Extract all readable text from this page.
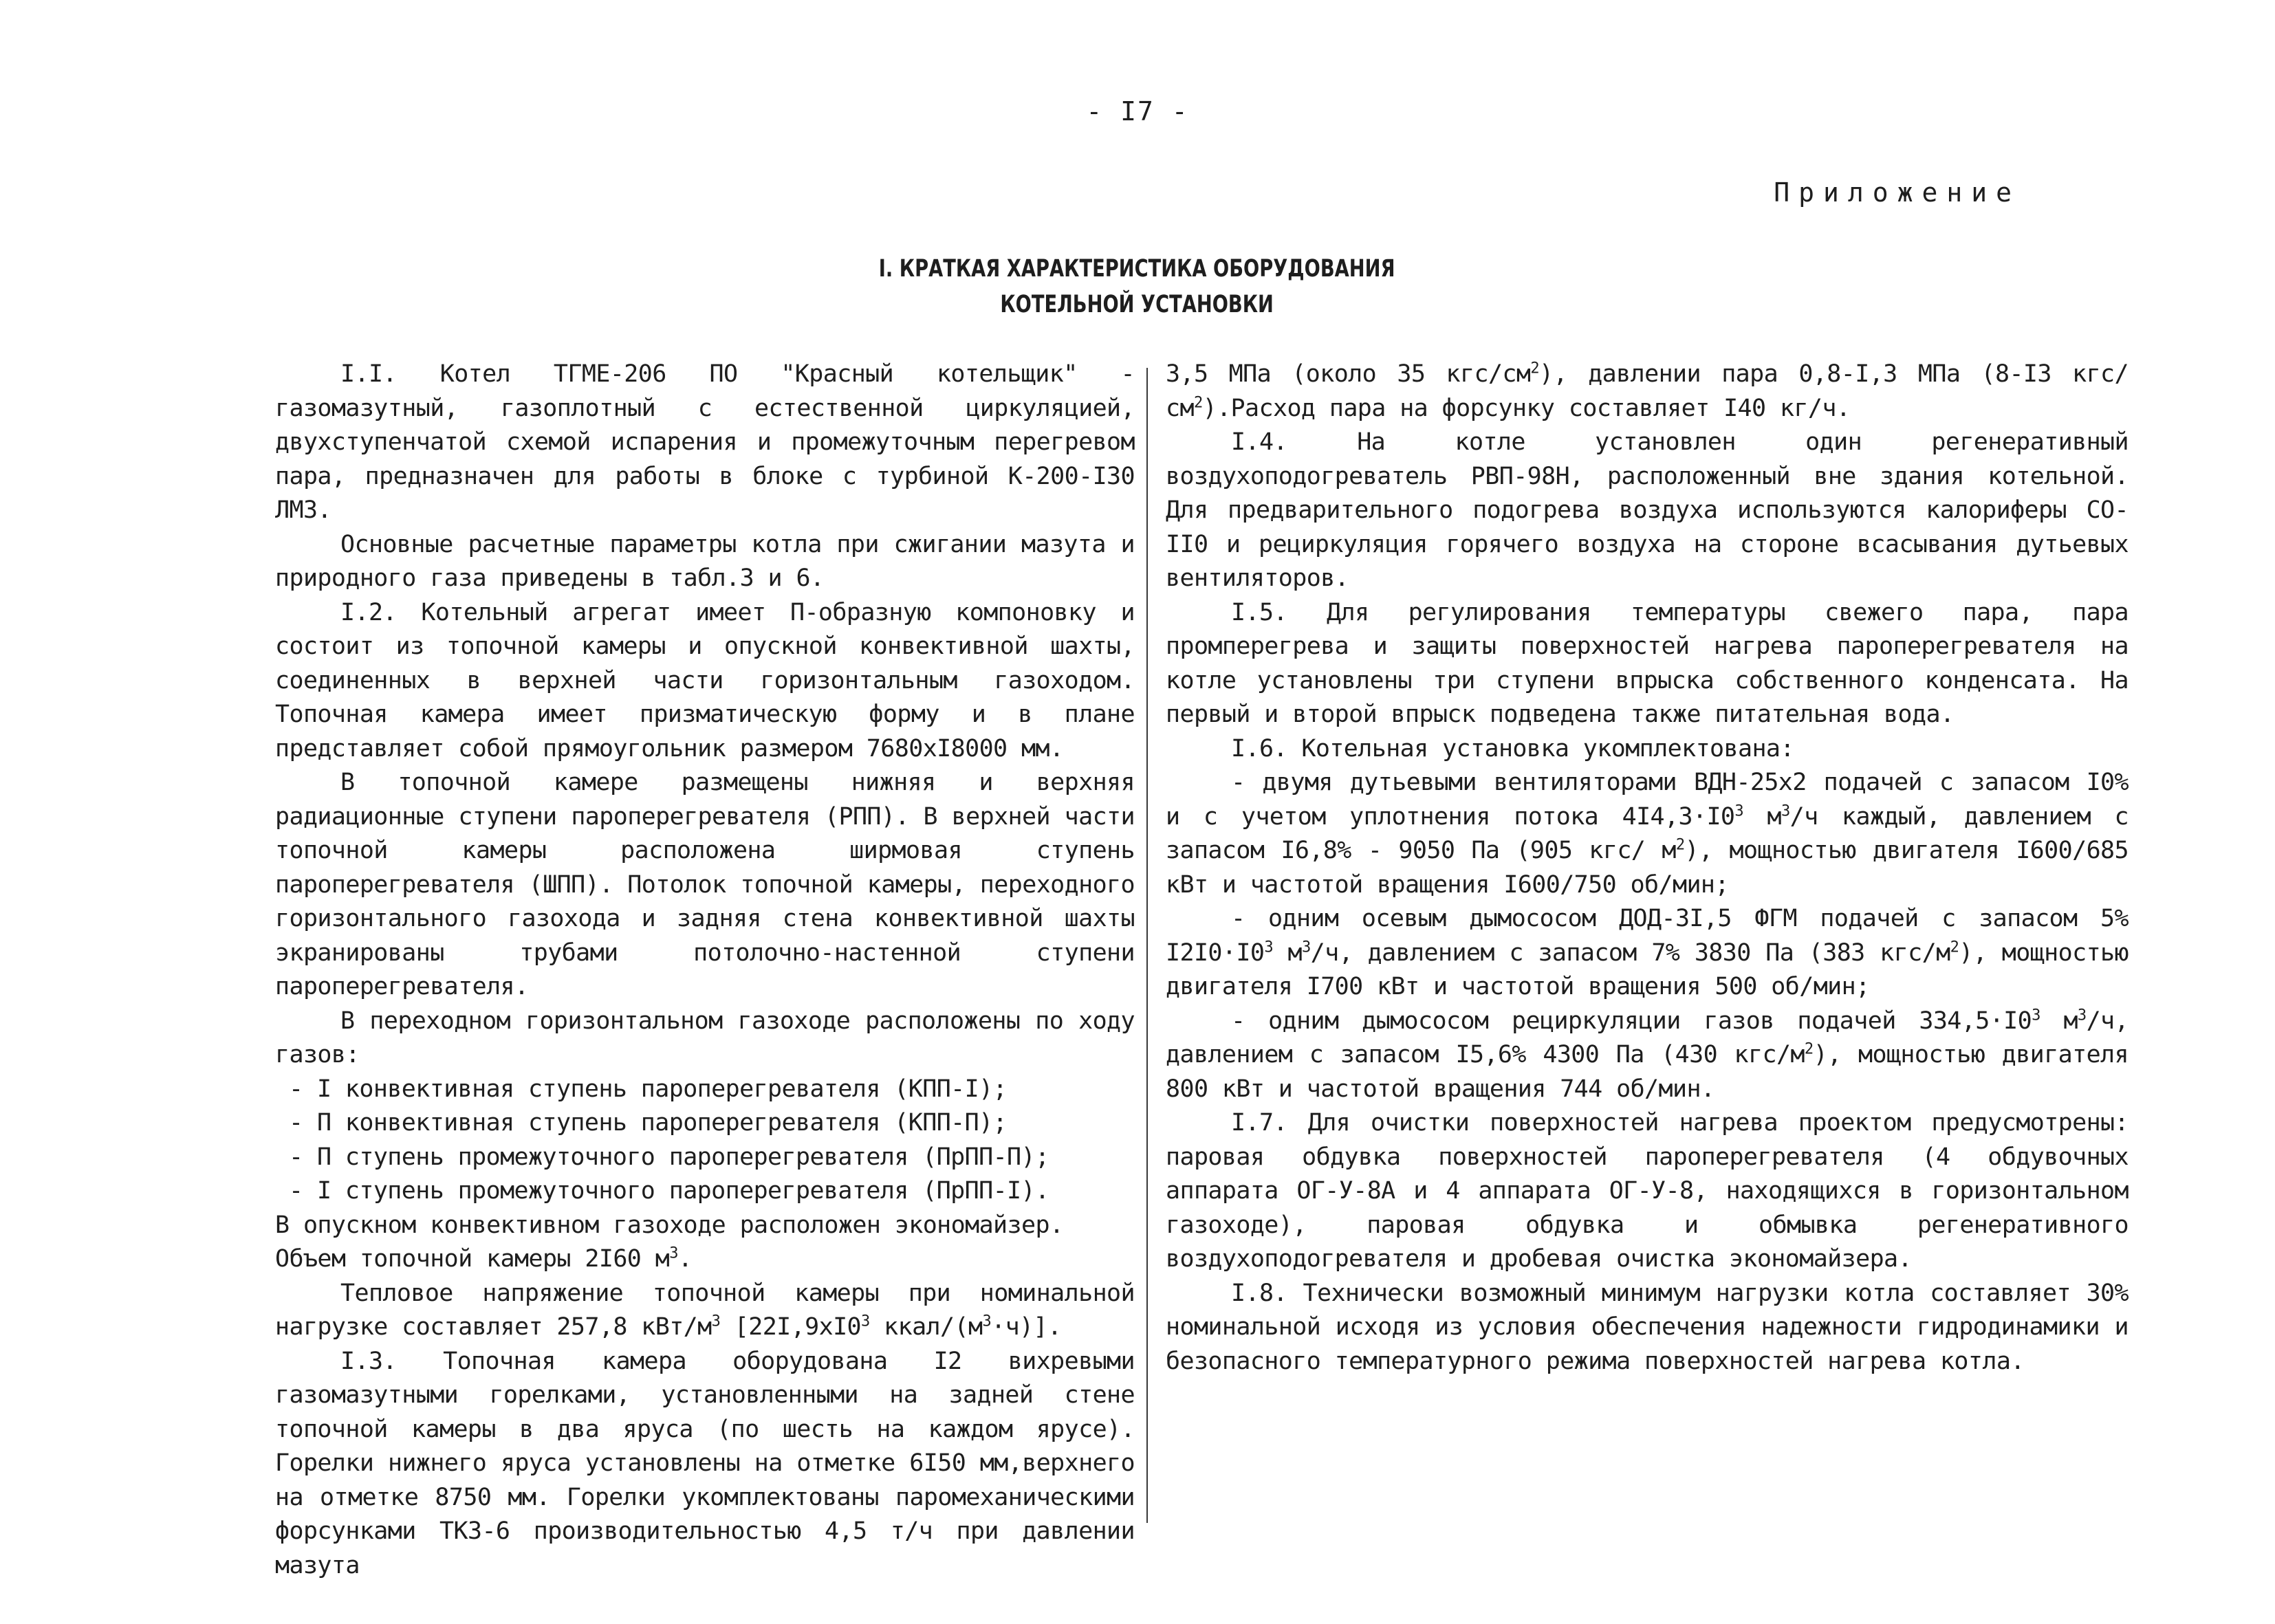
- I7 -
Приложение
I. КРАТКАЯ ХАРАКТЕРИСТИКА ОБОРУДОВАНИЯ
КОТЕЛЬНОЙ УСТАНОВКИ

I.I. Котел ТГМЕ-206 ПО "Красный котельщик" - газомазутный, газоплотный с естественной циркуляцией, двухступенчатой схемой испарения и промежуточным перегревом пара, предназначен для работы в блоке с турбиной К-200-I30 ЛМЗ.

Основные расчетные параметры котла при сжигании мазута и природного газа приведены в табл.3 и 6.

I.2. Котельный агрегат имеет П-образную компоновку и состоит из топочной камеры и опускной конвективной шахты, соединенных в верхней части горизонтальным газоходом. Топочная камера имеет призматическую форму и в плане представляет собой прямоугольник размером 7680хI8000 мм.

В топочной камере размещены нижняя и верхняя радиационные ступени пароперегревателя (РПП). В верхней части топочной камеры расположена ширмовая ступень пароперегревателя (ШПП). Потолок топочной камеры, переходного горизонтального газохода и задняя стена конвективной шахты экранированы трубами потолочно-настенной ступени пароперегревателя.

В переходном горизонтальном газоходе расположены по ходу газов:

- I конвективная ступень пароперегревателя (КПП-I);

- П конвективная ступень пароперегревателя (КПП-П);

- П ступень промежуточного пароперегревателя (ПрПП-П);

- I ступень промежуточного пароперегревателя (ПрПП-I).

В опускном конвективном газоходе расположен экономайзер.

Объем топочной камеры 2I60 $м^3$.

Тепловое напряжение топочной камеры при номинальной нагрузке составляет 257,8 кВт/$м^3$ [$22I,9хI0^3$ ккал/$(м^3\cdot ч)$].

I.3. Топочная камера оборудована I2 вихревыми газомазутными горелками, установленными на задней стене топочной камеры в два яруса (по шесть на каждом ярусе). Горелки нижнего яруса установлены на отметке 6I50 мм,верхнего на отметке 8750 мм. Горелки укомплектованы паромеханическими форсунками ТКЗ-6 производительностью 4,5 т/ч при давлении мазута

3,5 МПа (около 35 кгс/$см^2$), давлении пара 0,8-I,3 МПа (8-I3 кгс/$см^2).Расход$ пара на форсунку составляет I40 кг/ч.

I.4. На котле установлен один регенеративный воздухоподогреватель РВП-98Н, расположенный вне здания котельной. Для предварительного подогрева воздуха используются калориферы СО-II0 и рециркуляция горячего воздуха на стороне всасывания дутьевых вентиляторов.

I.5. Для регулирования температуры свежего пара, пара промперегрева и защиты поверхностей нагрева пароперегревателя на котле установлены три ступени впрыска собственного конденсата. На первый и второй впрыск подведена также питательная вода.

I.6. Котельная установка укомплектована:

- двумя дутьевыми вентиляторами ВДН-25х2 подачей с запасом I0% и с учетом уплотнения потока $4I4,3\cdot I0^3$ $м^3/ч$ каждый, давлением с запасом I6,8% - 9050 Па (905 кгс/ $м^2$), мощностью двигателя I600/685 кВт и частотой вращения I600/750 об/мин;

- одним осевым дымососом ДОД-3I,5 ФГМ подачей с запасом 5% $I2I0\cdot I0^3$ $м^3/ч$, давлением с запасом 7% 3830 Па (383 кгс/$м^2$), мощностью двигателя I700 кВт и частотой вращения 500 об/мин;

- одним дымососом рециркуляции газов подачей $334,5\cdot I0^3$ $м^3/ч$, давлением с запасом I5,6% 4300 Па (430 кгс/$м^2$), мощностью двигателя 800 кВт и частотой вращения 744 об/мин.

I.7. Для очистки поверхностей нагрева проектом предусмотрены: паровая обдувка поверхностей пароперегревателя (4 обдувочных аппарата ОГ-У-8А и 4 аппарата ОГ-У-8, находящихся в горизонтальном газоходе), паровая обдувка и обмывка регенеративного воздухоподогревателя и дробевая очистка экономайзера.

I.8. Технически возможный минимум нагрузки котла составляет 30% номинальной исходя из условия обеспечения надежности гидродинамики и безопасного температурного режима поверхностей нагрева котла.
